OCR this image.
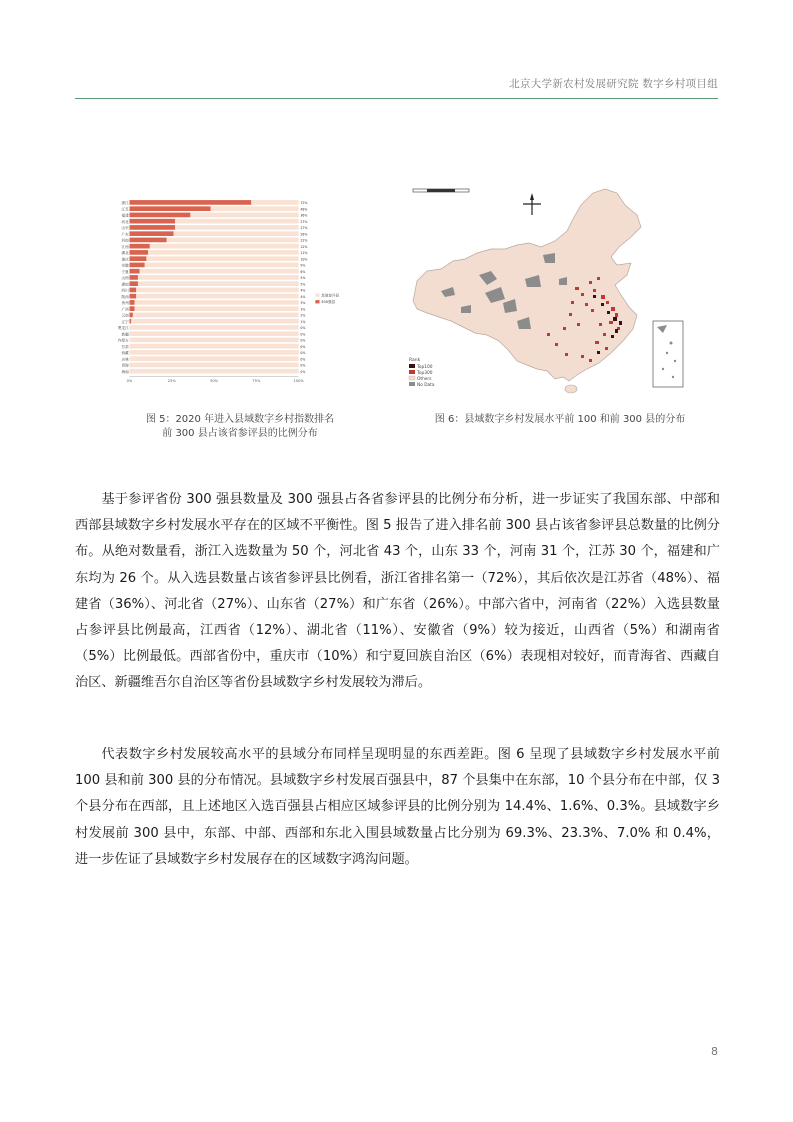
北京大学新农村发展研究院 数字乡村项目组
浙江	72%
江苏	48%
福建	36%
河北	27%
山东	27%
广东	26%
河南	22%
江西	12%
湖北	11%
重庆	10%
安徽	9%
宁夏	6%
山西	5%
湖南	5%
四川	4%
陕西	4%
贵州	3%
广西	3%
云南	2%
辽宁	1%
黑龙江	0%
新疆	0%
内蒙古	0%
甘肃	0%
西藏	0%
吉林	0%
青海	0%
海南	0%
0%	25%	50%	75%	100%
其他参评县
300强县
Rank
Top100
Top300
Others
No Data
图 5：2020 年进入县域数字乡村指数排名
前 300 县占该省参评县的比例分布
图 6：县域数字乡村发展水平前 100 和前 300 县的分布
基于参评省份 300 强县数量及 300 强县占各省参评县的比例分布分析，进一步证实了我国东部、中部和西部县域数字乡村发展水平存在的区域不平衡性。图 5 报告了进入排名前 300 县占该省参评县总数量的比例分布。从绝对数量看，浙江入选数量为 50 个，河北省 43 个，山东 33 个，河南 31 个，江苏 30 个，福建和广东均为 26 个。从入选县数量占该省参评县比例看，浙江省排名第一（72%），其后依次是江苏省（48%）、福建省（36%）、河北省（27%）、山东省（27%）和广东省（26%）。中部六省中，河南省（22%）入选县数量占参评县比例最高，江西省（12%）、湖北省（11%）、安徽省（9%）较为接近，山西省（5%）和湖南省（5%）比例最低。西部省份中，重庆市（10%）和宁夏回族自治区（6%）表现相对较好，而青海省、西藏自治区、新疆维吾尔自治区等省份县域数字乡村发展较为滞后。
代表数字乡村发展较高水平的县域分布同样呈现明显的东西差距。图 6 呈现了县域数字乡村发展水平前 100 县和前 300 县的分布情况。县域数字乡村发展百强县中，87 个县集中在东部，10 个县分布在中部，仅 3 个县分布在西部，且上述地区入选百强县占相应区域参评县的比例分别为 14.4%、1.6%、0.3%。县域数字乡村发展前 300 县中，东部、中部、西部和东北入围县域数量占比分别为 69.3%、23.3%、7.0% 和 0.4%，进一步佐证了县域数字乡村发展存在的区域数字鸿沟问题。
8
